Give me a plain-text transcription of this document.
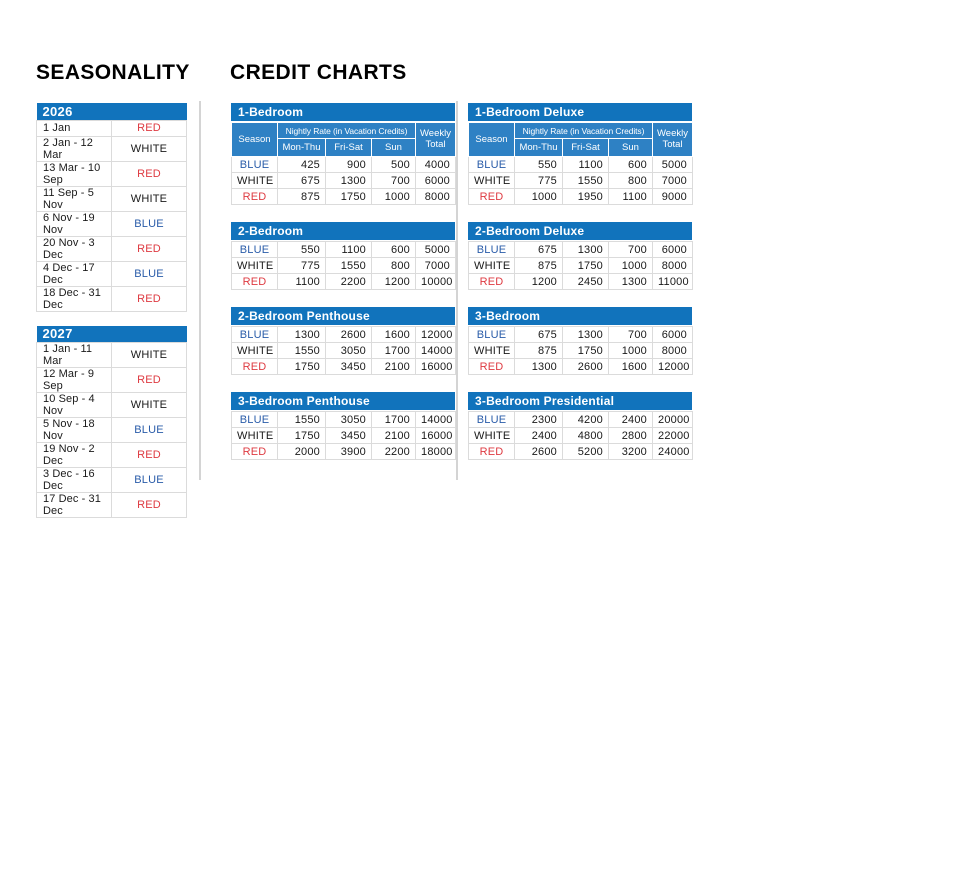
SEASONALITY CREDIT CHARTS
2026	
1 Jan	RED
2 Jan - 12 Mar	WHITE
13 Mar - 10 Sep	RED
11 Sep - 5 Nov	WHITE
6 Nov - 19 Nov	BLUE
20 Nov - 3 Dec	RED
4 Dec - 17 Dec	BLUE
18 Dec - 31 Dec	RED
2027	
1 Jan - 11 Mar	WHITE
12 Mar - 9 Sep	RED
10 Sep - 4 Nov	WHITE
5 Nov - 18 Nov	BLUE
19 Nov - 2 Dec	RED
3 Dec - 16 Dec	BLUE
17 Dec - 31 Dec	RED
1-Bedroom
Season	Nightly Rate (in Vacation Credits)			Weekly Total
	Mon-Thu	Fri-Sat	Sun	
BLUE	425	900	500	4000
WHITE	675	1300	700	6000
RED	875	1750	1000	8000
1-Bedroom Deluxe
Season	Nightly Rate (in Vacation Credits)			Weekly Total
	Mon-Thu	Fri-Sat	Sun	
BLUE	550	1100	600	5000
WHITE	775	1550	800	7000
RED	1000	1950	1100	9000
2-Bedroom
BLUE	550	1100	600	5000
WHITE	775	1550	800	7000
RED	1100	2200	1200	10000
2-Bedroom Deluxe
BLUE	675	1300	700	6000
WHITE	875	1750	1000	8000
RED	1200	2450	1300	11000
2-Bedroom Penthouse
BLUE	1300	2600	1600	12000
WHITE	1550	3050	1700	14000
RED	1750	3450	2100	16000
3-Bedroom
BLUE	675	1300	700	6000
WHITE	875	1750	1000	8000
RED	1300	2600	1600	12000
3-Bedroom Penthouse
BLUE	1550	3050	1700	14000
WHITE	1750	3450	2100	16000
RED	2000	3900	2200	18000
3-Bedroom Presidential
BLUE	2300	4200	2400	20000
WHITE	2400	4800	2800	22000
RED	2600	5200	3200	24000
